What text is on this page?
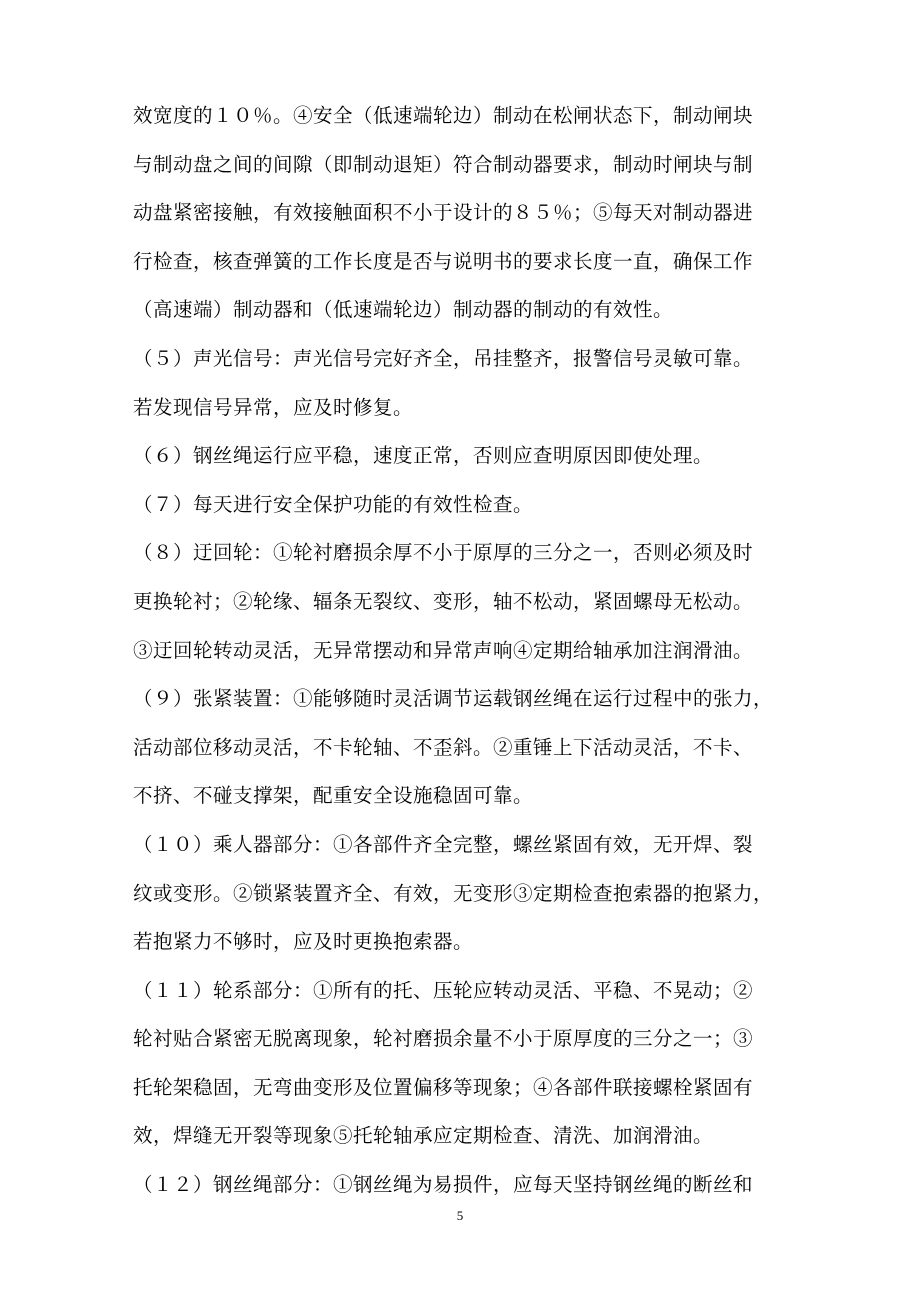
效宽度的１０％。④安全（低速端轮边）制动在松闸状态下，制动闸块
与制动盘之间的间隙（即制动退矩）符合制动器要求，制动时闸块与制
动盘紧密接触，有效接触面积不小于设计的８５％；⑤每天对制动器进
行检查，核查弹簧的工作长度是否与说明书的要求长度一直，确保工作
（高速端）制动器和（低速端轮边）制动器的制动的有效性。
（５）声光信号：声光信号完好齐全，吊挂整齐，报警信号灵敏可靠。
若发现信号异常，应及时修复。
（６）钢丝绳运行应平稳，速度正常，否则应查明原因即使处理。
（７）每天进行安全保护功能的有效性检查。
（８）迂回轮：①轮衬磨损余厚不小于原厚的三分之一，否则必须及时
更换轮衬；②轮缘、辐条无裂纹、变形，轴不松动，紧固螺母无松动。
③迂回轮转动灵活，无异常摆动和异常声响④定期给轴承加注润滑油。
（９）张紧装置：①能够随时灵活调节运载钢丝绳在运行过程中的张力，
活动部位移动灵活，不卡轮轴、不歪斜。②重锤上下活动灵活，不卡、
不挤、不碰支撑架，配重安全设施稳固可靠。
（１０）乘人器部分：①各部件齐全完整，螺丝紧固有效，无开焊、裂
纹或变形。②锁紧装置齐全、有效，无变形③定期检查抱索器的抱紧力，
若抱紧力不够时，应及时更换抱索器。
（１１）轮系部分：①所有的托、压轮应转动灵活、平稳、不晃动；②
轮衬贴合紧密无脱离现象，轮衬磨损余量不小于原厚度的三分之一；③
托轮架稳固，无弯曲变形及位置偏移等现象；④各部件联接螺栓紧固有
效，焊缝无开裂等现象⑤托轮轴承应定期检查、清洗、加润滑油。
（１２）钢丝绳部分：①钢丝绳为易损件，应每天坚持钢丝绳的断丝和
5
